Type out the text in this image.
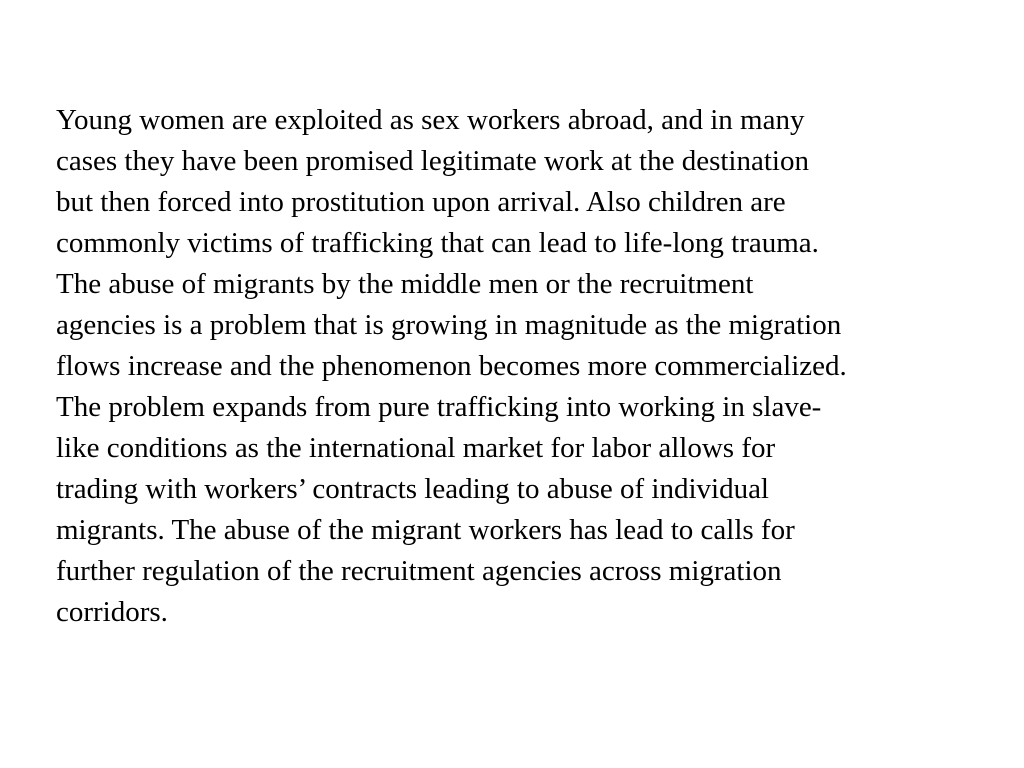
Young women are exploited as sex workers abroad, and in many
cases they have been promised legitimate work at the destination
but then forced into prostitution upon arrival. Also children are
commonly victims of trafficking that can lead to life-long trauma.
The abuse of migrants by the middle men or the recruitment
agencies is a problem that is growing in magnitude as the migration
flows increase and the phenomenon becomes more commercialized.
The problem expands from pure trafficking into working in slave-
like conditions as the international market for labor allows for
trading with workers’ contracts leading to abuse of individual
migrants. The abuse of the migrant workers has lead to calls for
further regulation of the recruitment agencies across migration
corridors.
